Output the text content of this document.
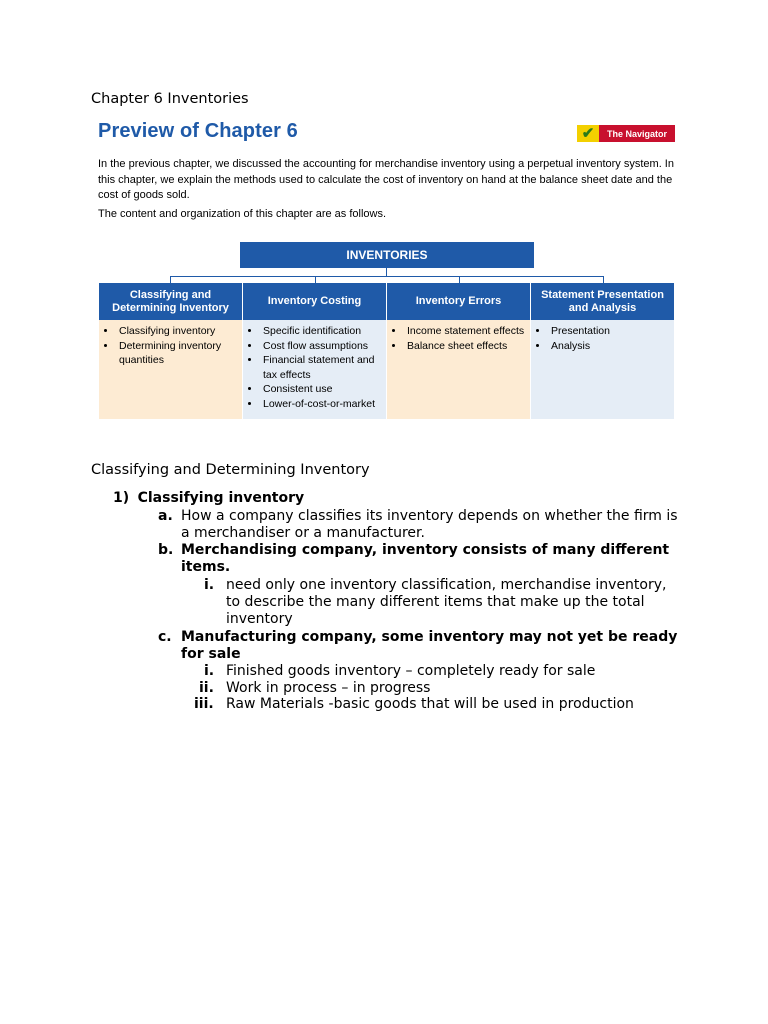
Chapter 6 Inventories
Preview of Chapter 6	✔	The Navigator
In the previous chapter, we discussed the accounting for merchandise inventory using a perpetual inventory system. In this chapter, we explain the methods used to calculate the cost of inventory on hand at the balance sheet date and the cost of goods sold.
The content and organization of this chapter are as follows.
INVENTORIES
Classifying and Determining Inventory
• Classifying inventory
• Determining inventory quantities
Inventory Costing
• Specific identification
• Cost flow assumptions
• Financial statement and tax effects
• Consistent use
• Lower-of-cost-or-market
Inventory Errors
• Income statement effects
• Balance sheet effects
Statement Presentation and Analysis
• Presentation
• Analysis
Classifying and Determining Inventory
1) Classifying inventory
a. How a company classifies its inventory depends on whether the firm is a merchandiser or a manufacturer.
b. Merchandising company, inventory consists of many different items.
i. need only one inventory classification, merchandise inventory, to describe the many different items that make up the total inventory
c. Manufacturing company, some inventory may not yet be ready for sale
i. Finished goods inventory – completely ready for sale
ii. Work in process – in progress
iii. Raw Materials -basic goods that will be used in production
